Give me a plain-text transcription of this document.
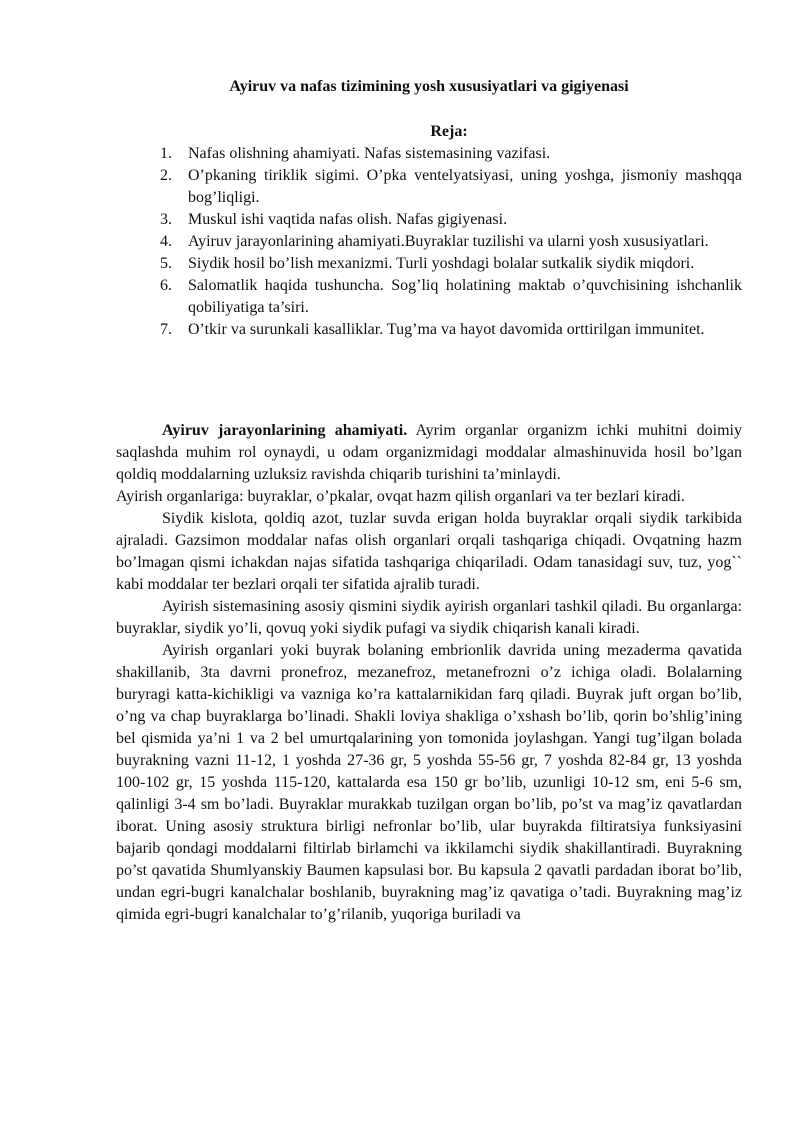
Ayiruv va nafas tizimining yosh xususiyatlari va gigiyenasi
Reja:
1.	Nafas olishning ahamiyati. Nafas sistemasining vazifasi.
2.	O’pkaning tiriklik sigimi. O’pka ventelyatsiyasi, uning yoshga, jismoniy mashqqa bog’liqligi.
3.	Muskul ishi vaqtida nafas olish. Nafas gigiyenasi.
4.	Ayiruv jarayonlarining ahamiyati.Buyraklar tuzilishi va ularni yosh xususiyatlari.
5.	Siydik hosil bo’lish mexanizmi. Turli yoshdagi bolalar sutkalik siydik miqdori.
6.	Salomatlik haqida tushuncha. Sog’liq holatining maktab o’quvchisining ishchanlik qobiliyatiga ta’siri.
7.	O’tkir va surunkali kasalliklar. Tug’ma va hayot davomida orttirilgan immunitet.

Ayiruv jarayonlarining ahamiyati. Ayrim organlar organizm ichki muhitni doimiy saqlashda muhim rol oynaydi, u odam organizmidagi moddalar almashinuvida hosil bo’lgan qoldiq moddalarning uzluksiz ravishda chiqarib turishini ta’minlaydi.

Ayirish organlariga: buyraklar, o’pkalar, ovqat hazm qilish organlari va ter bezlari kiradi.

Siydik kislota, qoldiq azot, tuzlar suvda erigan holda buyraklar orqali siydik tarkibida ajraladi. Gazsimon moddalar nafas olish organlari orqali tashqariga chiqadi. Ovqatning hazm bo’lmagan qismi ichakdan najas sifatida tashqariga chiqariladi. Odam tanasidagi suv, tuz, yog`` kabi moddalar ter bezlari orqali ter sifatida ajralib turadi.

Ayirish sistemasining asosiy qismini siydik ayirish organlari tashkil qiladi. Bu organlarga: buyraklar, siydik yo’li, qovuq yoki siydik pufagi va siydik chiqarish kanali kiradi.

Ayirish organlari yoki buyrak bolaning embrionlik davrida uning mezaderma qavatida shakillanib, 3ta davrni pronefroz, mezanefroz, metanefrozni o’z ichiga oladi. Bolalarning buryragi katta-kichikligi va vazniga ko’ra kattalarnikidan farq qiladi. Buyrak juft organ bo’lib, o’ng va chap buyraklarga bo’linadi. Shakli loviya shakliga o’xshash bo’lib, qorin bo’shlig’ining bel qismida ya’ni 1 va 2 bel umurtqalarining yon tomonida joylashgan. Yangi tug’ilgan bolada buyrakning vazni 11-12, 1 yoshda 27-36 gr, 5 yoshda 55-56 gr, 7 yoshda 82-84 gr, 13 yoshda 100-102 gr, 15 yoshda 115-120, kattalarda esa 150 gr bo’lib, uzunligi 10-12 sm, eni 5-6 sm, qalinligi 3-4 sm bo’ladi. Buyraklar murakkab tuzilgan organ bo’lib, po’st va mag’iz qavatlardan iborat. Uning asosiy struktura birligi nefronlar bo’lib, ular buyrakda filtiratsiya funksiyasini bajarib qondagi moddalarni filtirlab birlamchi va ikkilamchi siydik shakillantiradi. Buyrakning po’st qavatida Shumlyanskiy Baumen kapsulasi bor. Bu kapsula 2 qavatli pardadan iborat bo’lib, undan egri-bugri kanalchalar boshlanib, buyrakning mag’iz qavatiga o’tadi. Buyrakning mag’iz qimida egri-bugri kanalchalar to’g’rilanib, yuqoriga buriladi va
